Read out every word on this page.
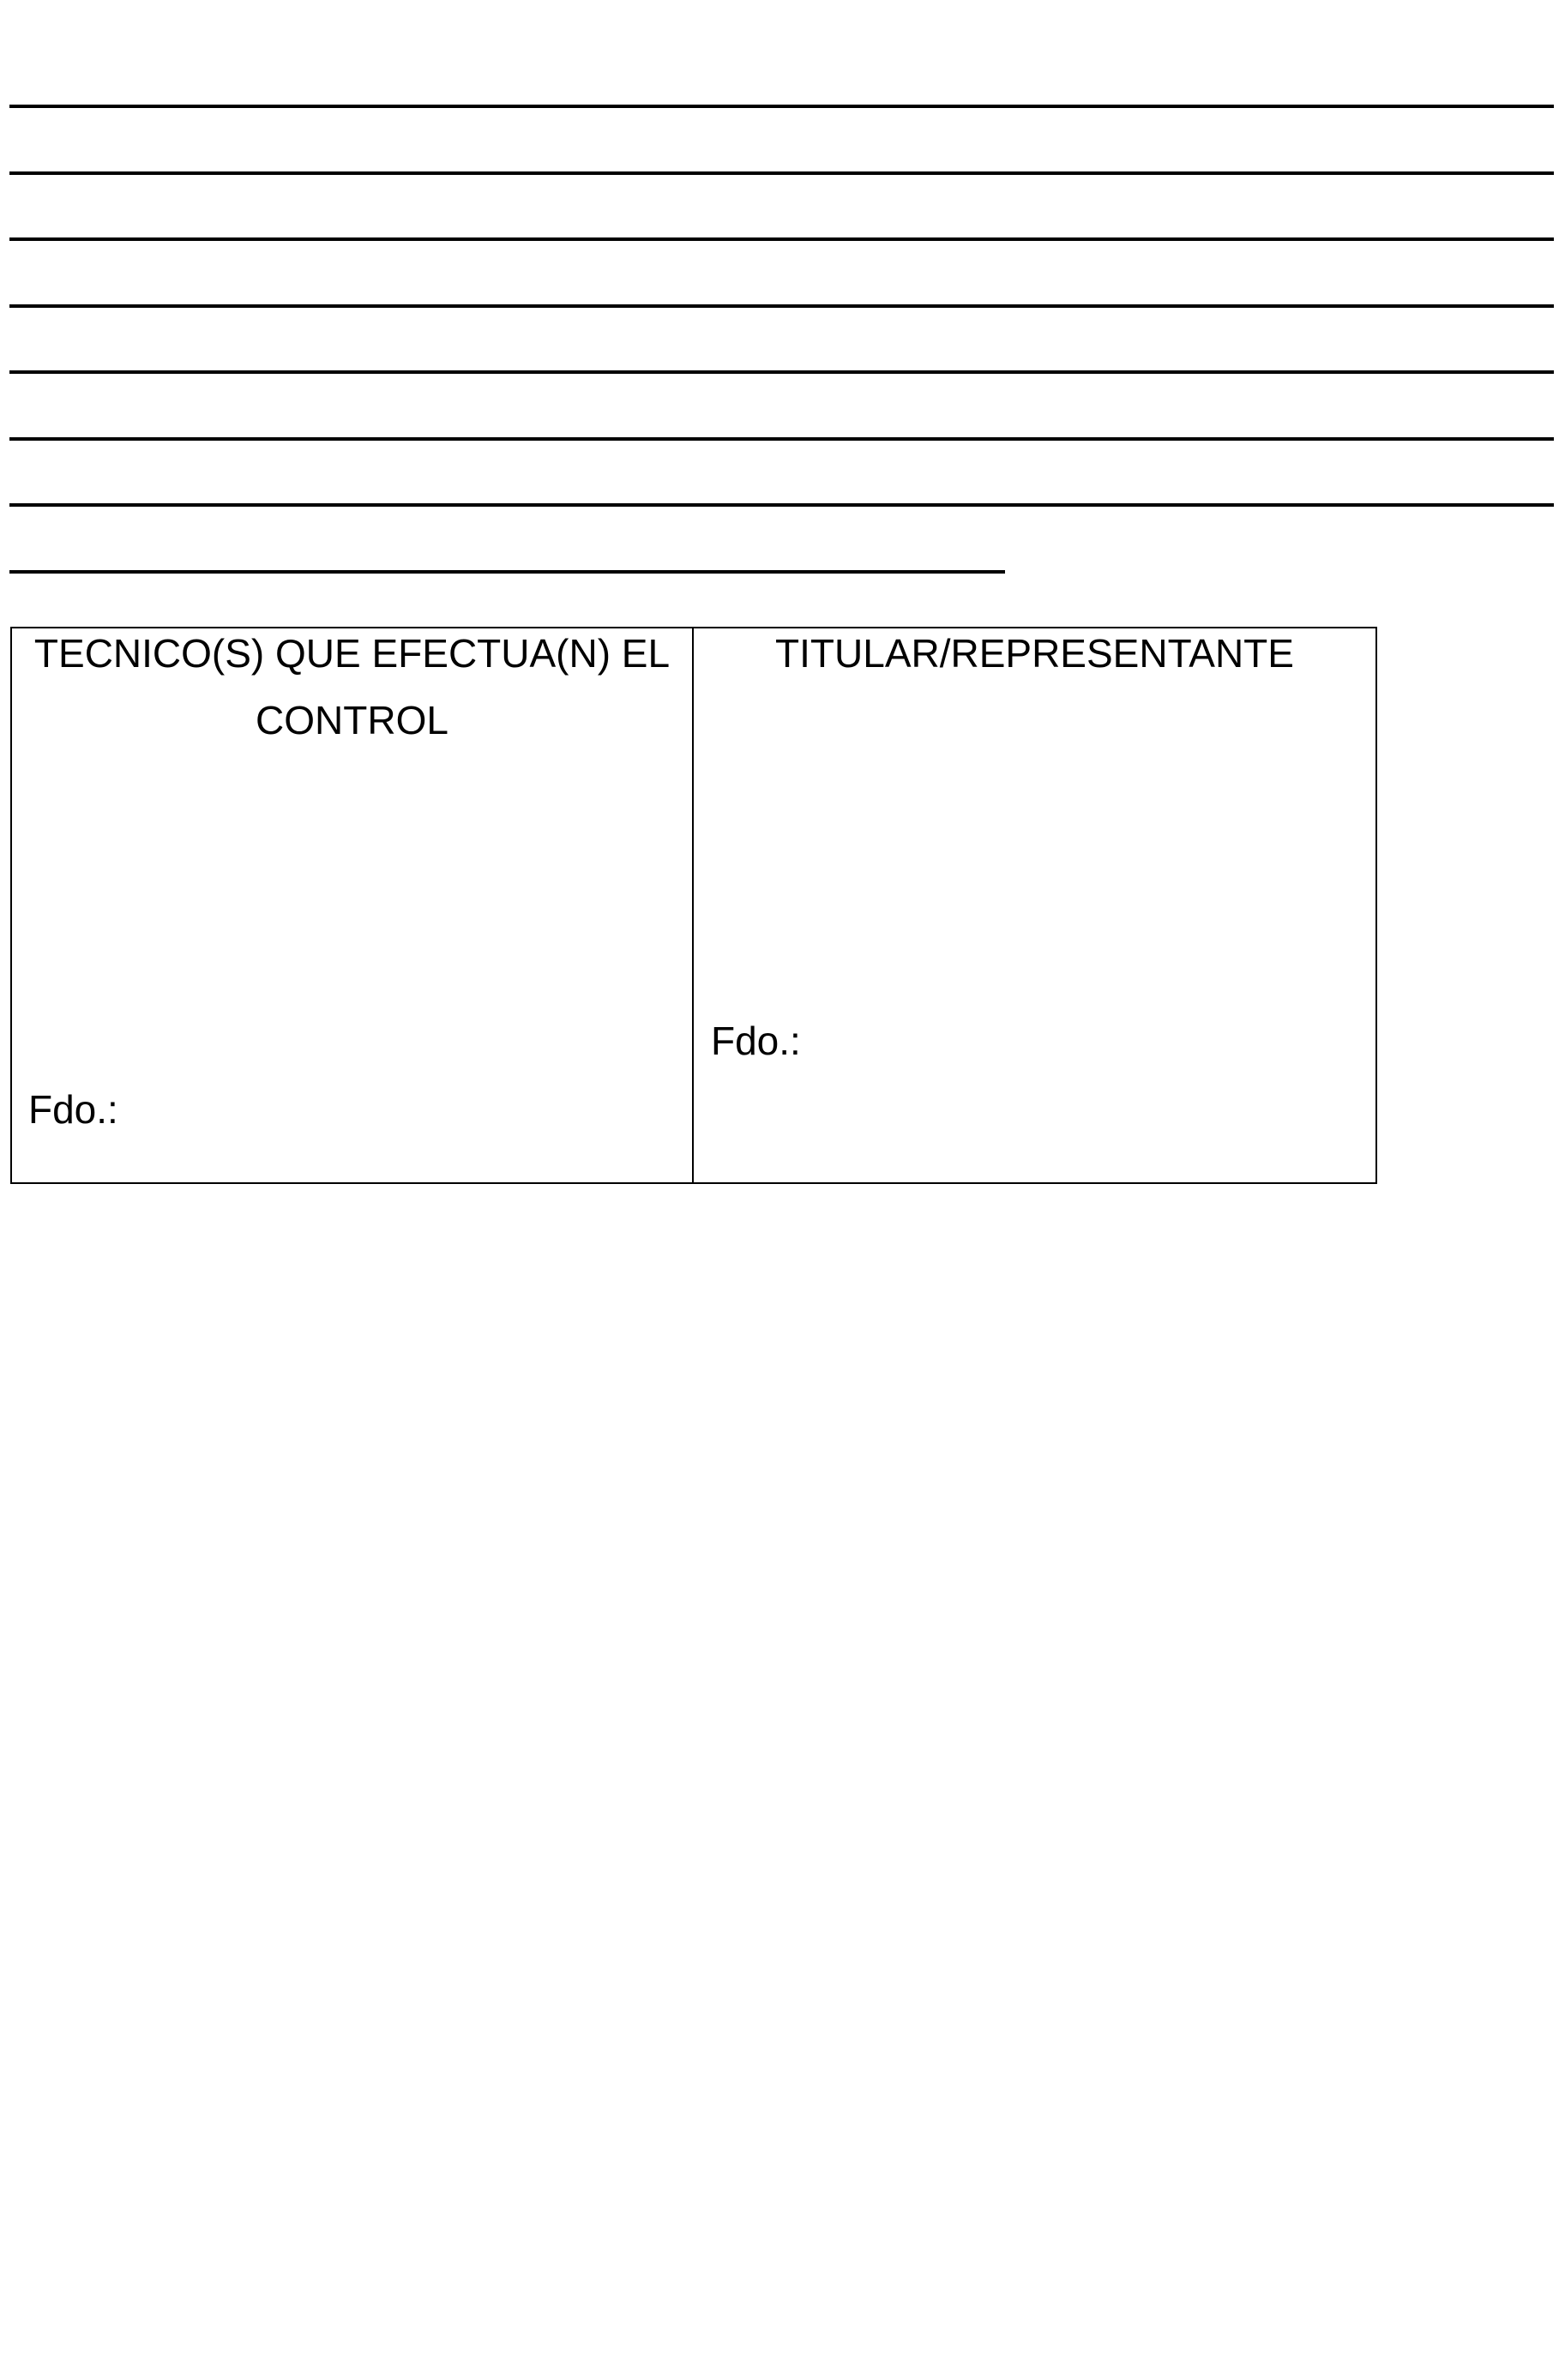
TECNICO(S) QUE EFECTUA(N) EL
CONTROL
TITULAR/REPRESENTANTE
Fdo.:
Fdo.:
